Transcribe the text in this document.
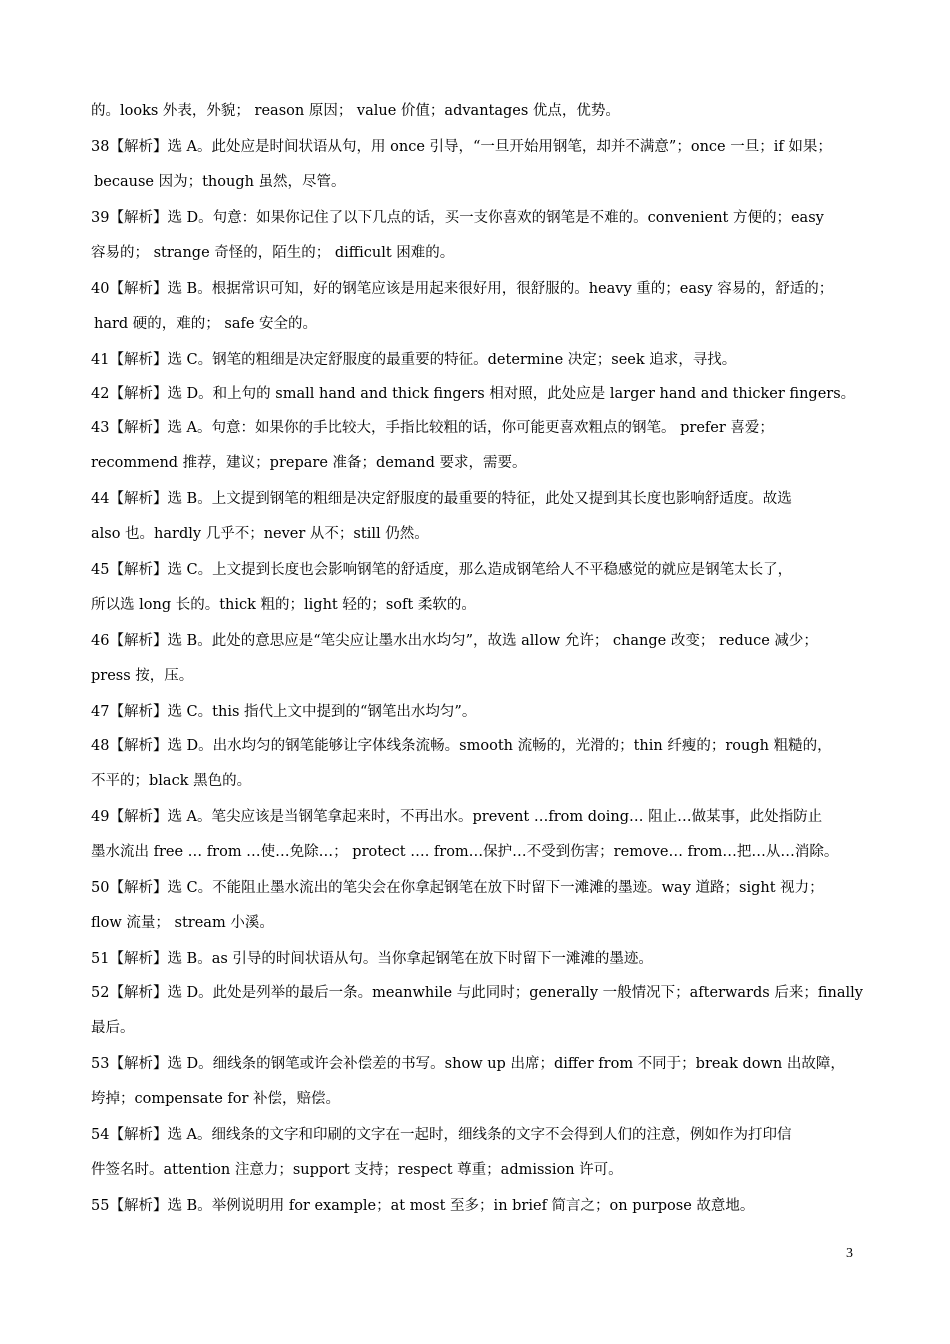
的。looks 外表，外貌； reason 原因； value 价值；advantages 优点，优势。
38【解析】选 A。此处应是时间状语从句，用 once 引导，“一旦开始用钢笔，却并不满意”；once 一旦；if 如果；
because 因为；though 虽然，尽管。
39【解析】选 D。句意：如果你记住了以下几点的话，买一支你喜欢的钢笔是不难的。convenient 方便的；easy
容易的； strange 奇怪的，陌生的； difficult 困难的。
40【解析】选 B。根据常识可知，好的钢笔应该是用起来很好用，很舒服的。heavy 重的；easy 容易的，舒适的；
hard 硬的，难的； safe 安全的。
41【解析】选 C。钢笔的粗细是决定舒服度的最重要的特征。determine 决定；seek 追求，寻找。
42【解析】选 D。和上句的 small hand and thick fingers 相对照，此处应是 larger hand and thicker fingers。
43【解析】选 A。句意：如果你的手比较大，手指比较粗的话，你可能更喜欢粗点的钢笔。 prefer 喜爱；
recommend 推荐，建议；prepare 准备；demand 要求，需要。
44【解析】选 B。上文提到钢笔的粗细是决定舒服度的最重要的特征，此处又提到其长度也影响舒适度。故选
also 也。hardly 几乎不；never 从不；still 仍然。
45【解析】选 C。上文提到长度也会影响钢笔的舒适度，那么造成钢笔给人不平稳感觉的就应是钢笔太长了，
所以选 long 长的。thick 粗的；light 轻的；soft 柔软的。
46【解析】选 B。此处的意思应是“笔尖应让墨水出水均匀”，故选 allow 允许； change 改变； reduce 减少；
press 按，压。
47【解析】选 C。this 指代上文中提到的“钢笔出水均匀”。
48【解析】选 D。出水均匀的钢笔能够让字体线条流畅。smooth 流畅的，光滑的；thin 纤瘦的；rough 粗糙的，
不平的；black 黑色的。
49【解析】选 A。笔尖应该是当钢笔拿起来时，不再出水。prevent …from doing… 阻止…做某事，此处指防止
墨水流出 free … from …使…免除…； protect …. from…保护…不受到伤害；remove… from…把…从…消除。
50【解析】选 C。不能阻止墨水流出的笔尖会在你拿起钢笔在放下时留下一滩滩的墨迹。way 道路；sight 视力；
flow 流量； stream 小溪。
51【解析】选 B。as 引导的时间状语从句。当你拿起钢笔在放下时留下一滩滩的墨迹。
52【解析】选 D。此处是列举的最后一条。meanwhile 与此同时；generally 一般情况下；afterwards 后来；finally
最后。
53【解析】选 D。细线条的钢笔或许会补偿差的书写。show up 出席；differ from 不同于；break down 出故障，
垮掉；compensate for 补偿，赔偿。
54【解析】选 A。细线条的文字和印刷的文字在一起时，细线条的文字不会得到人们的注意，例如作为打印信
件签名时。attention 注意力；support 支持；respect 尊重；admission 许可。
55【解析】选 B。举例说明用 for example；at most 至多；in brief 简言之；on purpose 故意地。
3
